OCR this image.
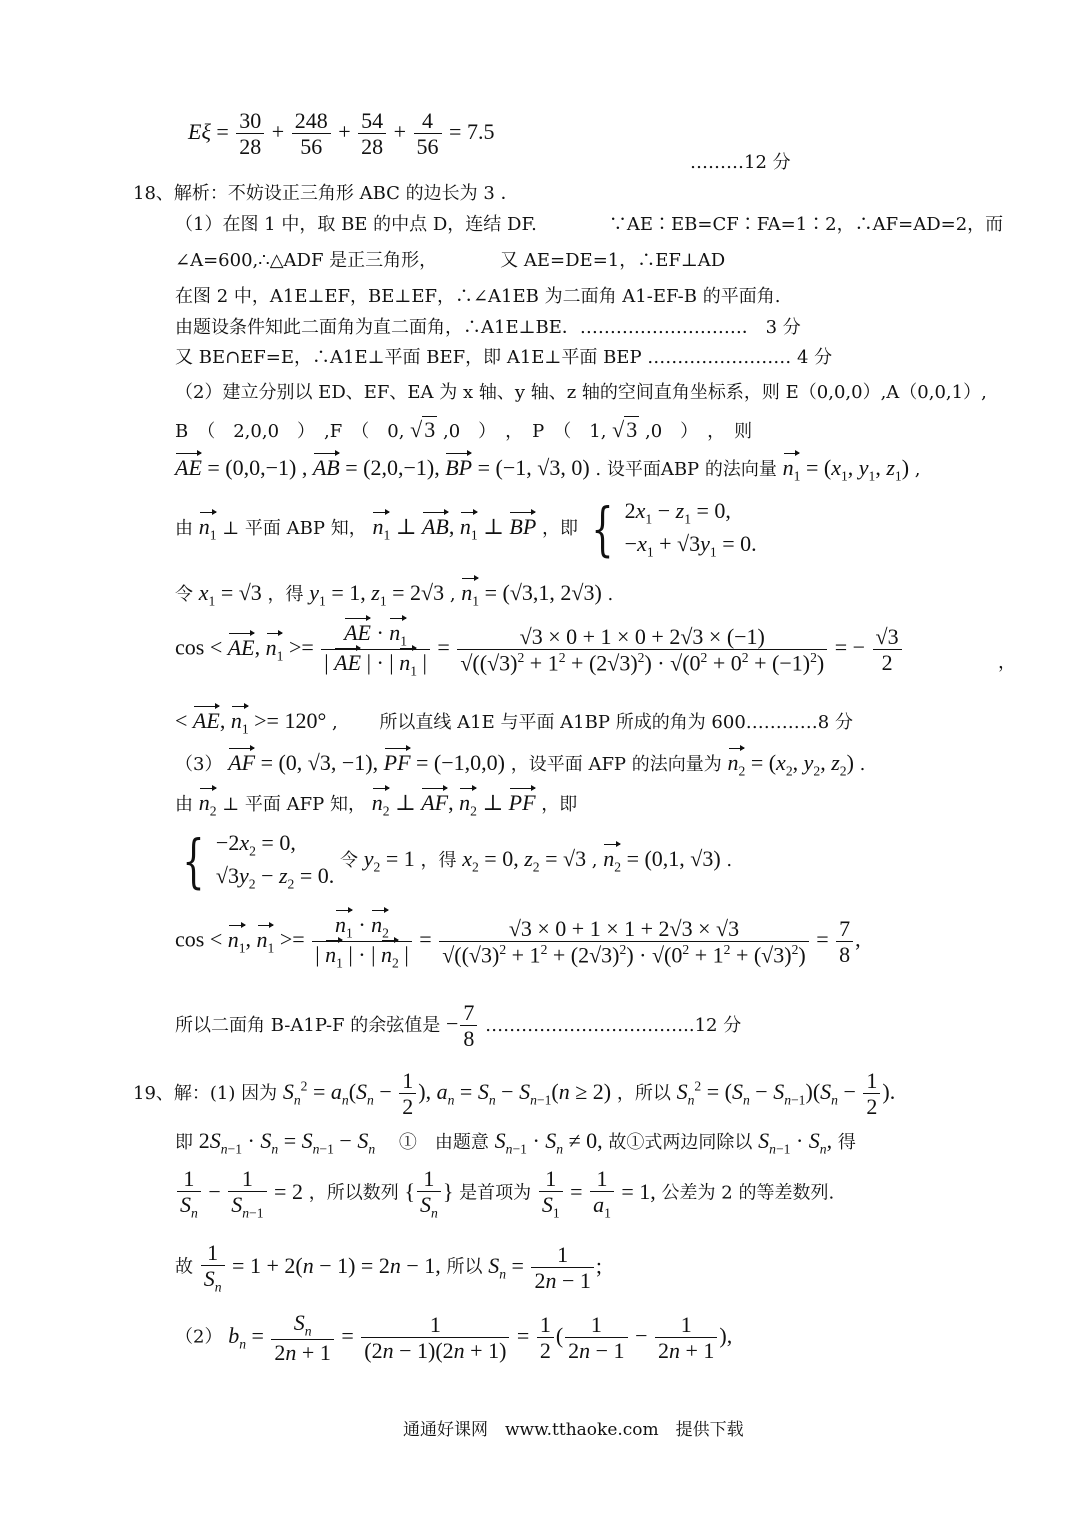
$E\xi = \frac{30}{28} + \frac{248}{56} + \frac{54}{28} + \frac{4}{56} = 7.5$
………12 分
18、解析：不妨设正三角形 ABC 的边长为 3 ．
（1）在图 1 中，取 BE 的中点 D，连结 DF.　　　　∵AE∶EB=CF∶FA=1∶2，∴AF=AD=2，而
∠A=600,∴△ADF 是正三角形，　　　　又 AE=DE=1，∴EF⊥AD
在图 2 中，A1E⊥EF，BE⊥EF，∴∠A1EB 为二面角 A1-EF-B 的平面角.
由题设条件知此二面角为直二面角，∴A1E⊥BE．………………………． 3 分
又 BE∩EF=E，∴A1E⊥平面 BEF，即 A1E⊥平面 BEP …………………… 4 分
（2）建立分别以 ED、EF、EA 为 x 轴、y 轴、z 轴的空间直角坐标系，则 E（0,0,0）,A（0,0,1）,
B　（　2,0,0　）　,F　（　0, √3 ,0　）　，　P　（　1, √3 ,0　）　，　则
AE = (0,0,−1) , AB = (2,0,−1), BP = (−1, √3, 0) . 设平面ABP 的法向量 $n_1 = (x_1$, $y_1$, $z_1$) ,
由 $n_1$ ⊥ 平面 ABP 知， $n_1$ ⊥ AB, $n_1$ ⊥ BP ，即 { $2x_1 - z_1 = 0$,
$-x_1 + √3y_1 = 0$.
令 $x_1 = √3$ ，得 $y_1 = 1$, $z_1 = 2√3$ , $n_1 = (√3,1$, 2√3) .
cos < AE, $n_1 >= \frac{AE \cdot n_1}{| AE | \cdot | n_1 |} = \frac{√3 \times 0 + 1 \times 0 + 2√3 \times (-1)}{√((√3)^2 + 1^2 + (2√3)^2) \cdot √(0^2 + 0^2 + (-1)^2)}$ = − $\frac{√3}{2}$	，
< AE, $n_1 >= 120^\circ$ ,　　 所以直线 A1E 与平面 A1BP 所成的角为 600…………8 分
（3） AF = (0, √3, −1), PF = (−1,0,0) ，设平面 AFP 的法向量为 $n_2 = (x_2$, $y_2$, $z_2$) .
由 $n_2$ ⊥ 平面 AFP 知， $n_2$ ⊥ AF, $n_2$ ⊥ PF ，即
{ $-2x_2 = 0$,
$√3y_2 - z_2 = 0$.
令 $y_2 = 1$ ，得 $x_2 = 0$, $z_2 = √3$ , $n_2 = (0,1$, √3) .
$\cos < n_1$, $n_1 >= \frac{n_1 \cdot n_2}{| n_1 | \cdot | n_2 |} = \frac{√3 \times 0 + 1 \times 1 + 2√3 \times √3}{√((√3)^2 + 1^2 + (2√3)^2) \cdot √(0^2 + 1^2 + (√3)^2)} = \frac{7}{8}$ ,
所以二面角 B-A1P-F 的余弦值是 − $\frac{7}{8}$ ……………………………..12 分
19、解：(1) 因为 $S_n^2 = a_n(S_n - \frac{1}{2}$ ), $a_n = S_n - S_{n-1}(n \ge 2)$ ，所以 $S_n^2 = (S_n - S_{n-1})(S_n - \frac{1}{2}$ ).
即 $2S_{n-1} \cdot S_n = S_{n-1} - S_n$　 ①　由题意 $S_{n-1} \cdot S_n \ne 0$, 故①式两边同除以 $S_{n-1} \cdot S_n$, 得
$\frac{1}{S_n} - \frac{1}{S_{n-1}} = 2$ ，所以数列 { $\frac{1}{S_n}$ } 是首项为 $\frac{1}{S_1} = \frac{1}{a_1} = 1$, 公差为 2 的等差数列.
故 $\frac{1}{S_n} = 1 + 2(n - 1) = 2n - 1$, 所以 $S_n = \frac{1}{2n - 1}$ ;
（2） $b_n = \frac{S_n}{2n + 1} = \frac{1}{(2n - 1)(2n + 1)} = \frac{1}{2}$ ( $\frac{1}{2n - 1} - \frac{1}{2n + 1}$ ),
通通好课网　www.tthaoke.com　提供下载
